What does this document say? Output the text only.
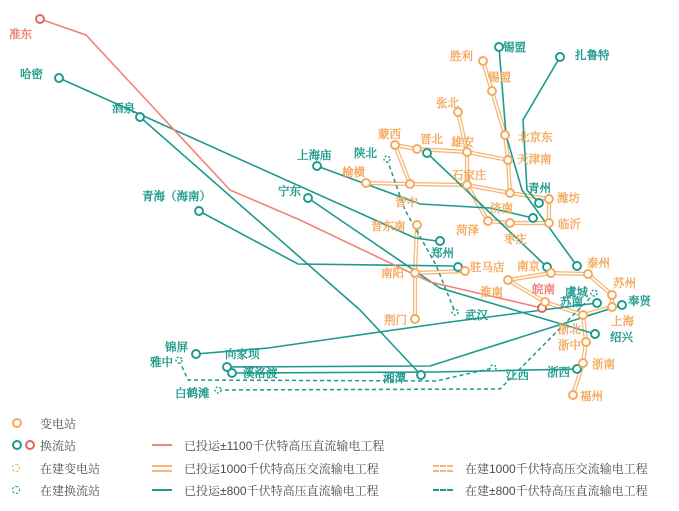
准东
哈密
酒泉
青海（海南）
上海庙
宁东
陕北
榆横
蒙西 晋北
张北
雄安
胜利
锡盟
锡盟
扎鲁特
北京东
天津南
石家庄
青州
潍坊
济南
临沂
菏泽
枣庄
晋中
晋东南
郑州
驻马店
南阳
南京	泰州
淮南	皖南 虞城
苏南
苏州
奉贤
上海
浙北
绍兴
浙中
浙南
浙西
福州
江西
武汉
荆门
湘潭
锦屏
向家坝
雅中
溪洛渡
白鹤滩
变电站
换流站
在建变电站
在建换流站
已投运±1100千伏特高压直流输电工程
已投运1000千伏特高压交流输电工程
已投运±800千伏特高压直流输电工程
在建1000千伏特高压交流输电工程
在建±800千伏特高压直流输电工程
